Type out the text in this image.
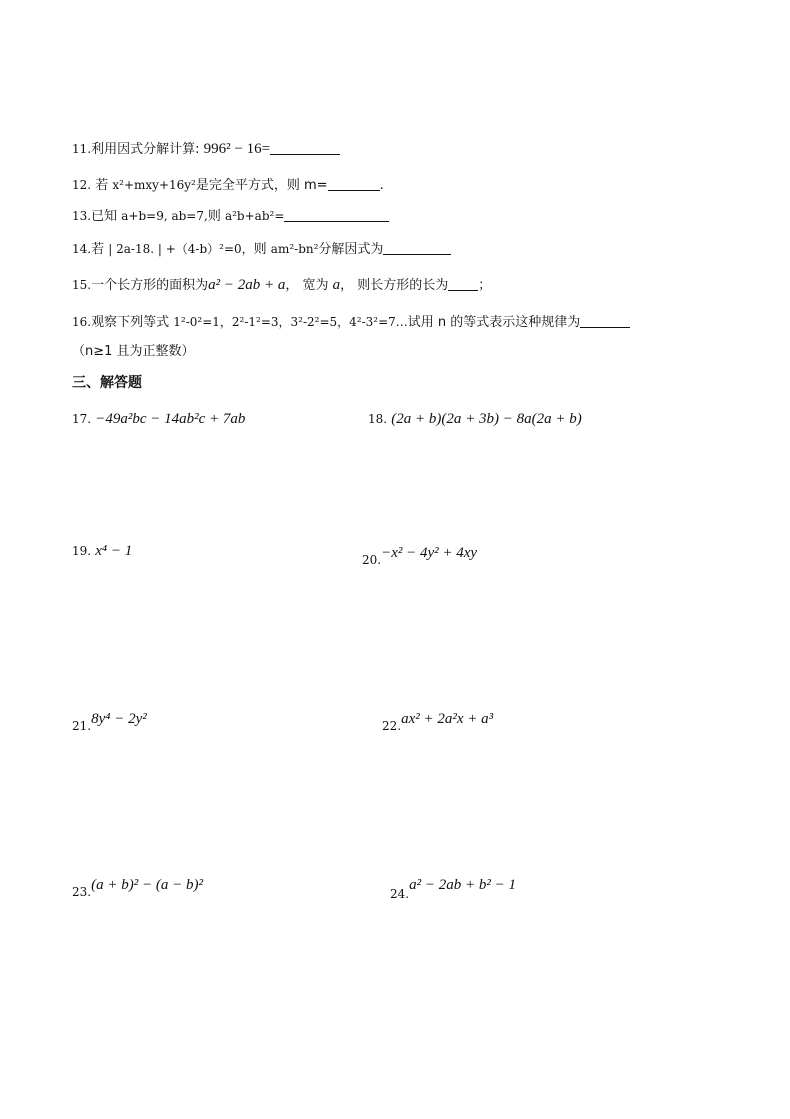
11.利用因式分解计算: 996² − 16=
12. 若 x²+mxy+16y²是完全平方式，则 m=	.
13.已知 a+b=9, ab=7,则 a²b+ab²=
14.若 | 2a-18. | +（4-b）²=0，则 am²-bn²分解因式为
15.一个长方形的面积为a² − 2ab + a， 宽为 a， 则长方形的长为 ；
16.观察下列等式 1²-0²=1，2²-1²=3，3²-2²=5，4²-3²=7…试用 n 的等式表示这种规律为
（n≥1 且为正整数）
三、解答题
17. −49a²bc − 14ab²c + 7ab	18. (2a + b)(2a + 3b) − 8a(2a + b)
19. x⁴ − 1
20.−x² − 4y² + 4xy
21.8y⁴ − 2y²	22.ax² + 2a²x + a³
23.(a + b)² − (a − b)²
24.a² − 2ab + b² − 1
